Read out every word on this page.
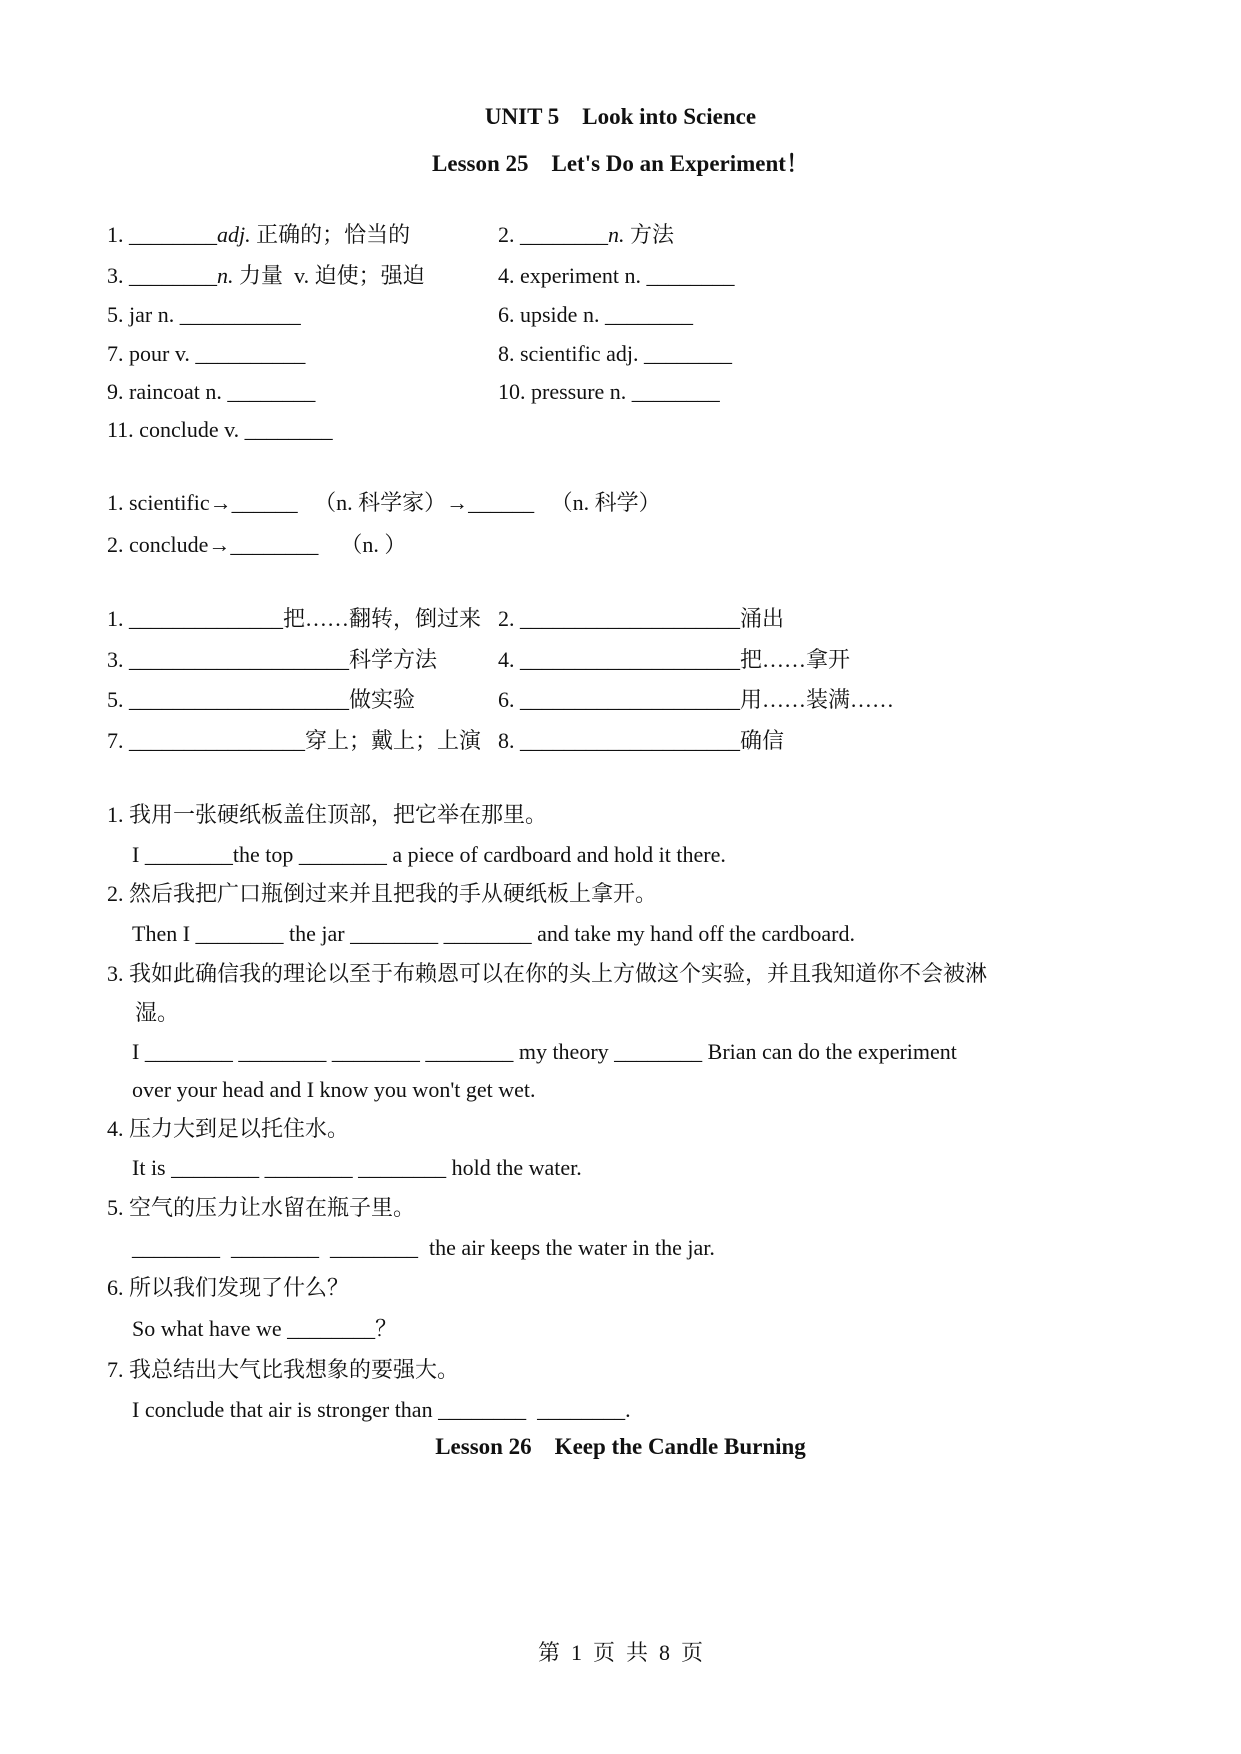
UNIT 5    Look into Science
Lesson 25    Let's Do an Experiment！
1. ________adj. 正确的；恰当的	2. ________n. 方法
3. ________n. 力量  v. 迫使；强迫	4. experiment n. ________
5. jar n. ___________	6. upside n. ________
7. pour v. __________	8. scientific adj. ________
9. raincoat n. ________	10. pressure n. ________
11. conclude v. ________
1. scientific→______   （n. 科学家）→______   （n. 科学）
2. conclude→________    （n. ）
1. ______________把……翻转，倒过来 2. ____________________涌出
3. ____________________科学方法	4. ____________________把……拿开
5. ____________________做实验	6. ____________________用……装满……
7. ________________穿上；戴上；上演 8. ____________________确信
1. 我用一张硬纸板盖住顶部，把它举在那里。
I ________the top ________ a piece of cardboard and hold it there.
2. 然后我把广口瓶倒过来并且把我的手从硬纸板上拿开。
Then I ________ the jar ________ ________ and take my hand off the cardboard.
3. 我如此确信我的理论以至于布赖恩可以在你的头上方做这个实验，并且我知道你不会被淋
湿。
I ________ ________ ________ ________ my theory ________ Brian can do the experiment
over your head and I know you won't get wet.
4. 压力大到足以托住水。
It is ________ ________ ________ hold the water.
5. 空气的压力让水留在瓶子里。
________  ________  ________  the air keeps the water in the jar.
6. 所以我们发现了什么？
So what have we ________？
7. 我总结出大气比我想象的要强大。
I conclude that air is stronger than ________  ________.
Lesson 26    Keep the Candle Burning
第  1  页  共  8  页
